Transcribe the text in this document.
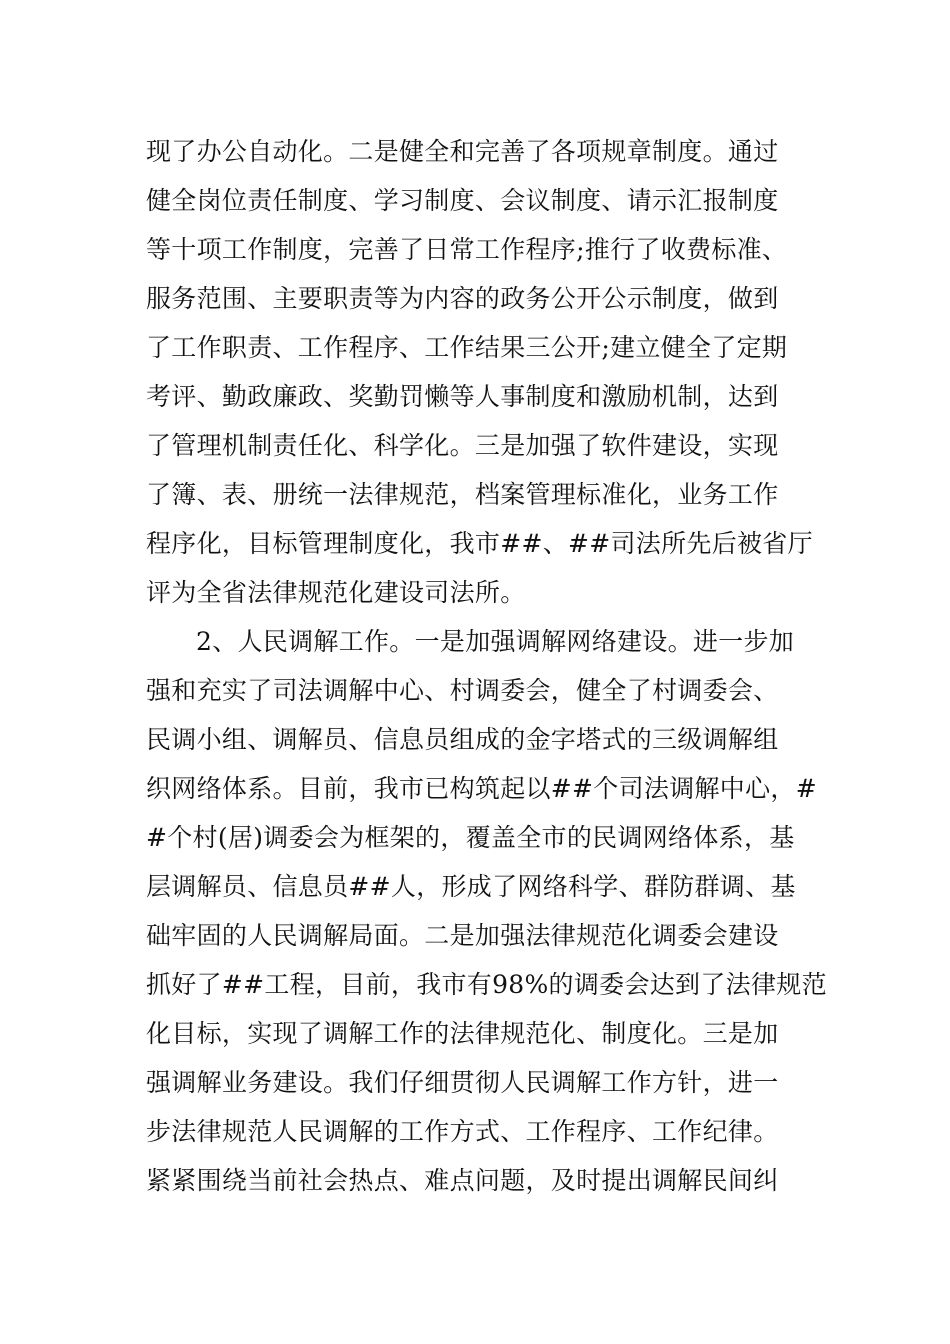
现了办公自动化。二是健全和完善了各项规章制度。通过
健全岗位责任制度、学习制度、会议制度、请示汇报制度
等十项工作制度，完善了日常工作程序;推行了收费标准、
服务范围、主要职责等为内容的政务公开公示制度，做到
了工作职责、工作程序、工作结果三公开;建立健全了定期
考评、勤政廉政、奖勤罚懒等人事制度和激励机制，达到
了管理机制责任化、科学化。三是加强了软件建设，实现
了簿、表、册统一法律规范，档案管理标准化，业务工作
程序化，目标管理制度化，我市##、##司法所先后被省厅
评为全省法律规范化建设司法所。
2、人民调解工作。一是加强调解网络建设。进一步加
强和充实了司法调解中心、村调委会，健全了村调委会、
民调小组、调解员、信息员组成的金字塔式的三级调解组
织网络体系。目前，我市已构筑起以##个司法调解中心，#
#个村(居)调委会为框架的，覆盖全市的民调网络体系，基
层调解员、信息员##人，形成了网络科学、群防群调、基
础牢固的人民调解局面。二是加强法律规范化调委会建设
抓好了##工程，目前，我市有98%的调委会达到了法律规范
化目标，实现了调解工作的法律规范化、制度化。三是加
强调解业务建设。我们仔细贯彻人民调解工作方针，进一
步法律规范人民调解的工作方式、工作程序、工作纪律。
紧紧围绕当前社会热点、难点问题，及时提出调解民间纠
